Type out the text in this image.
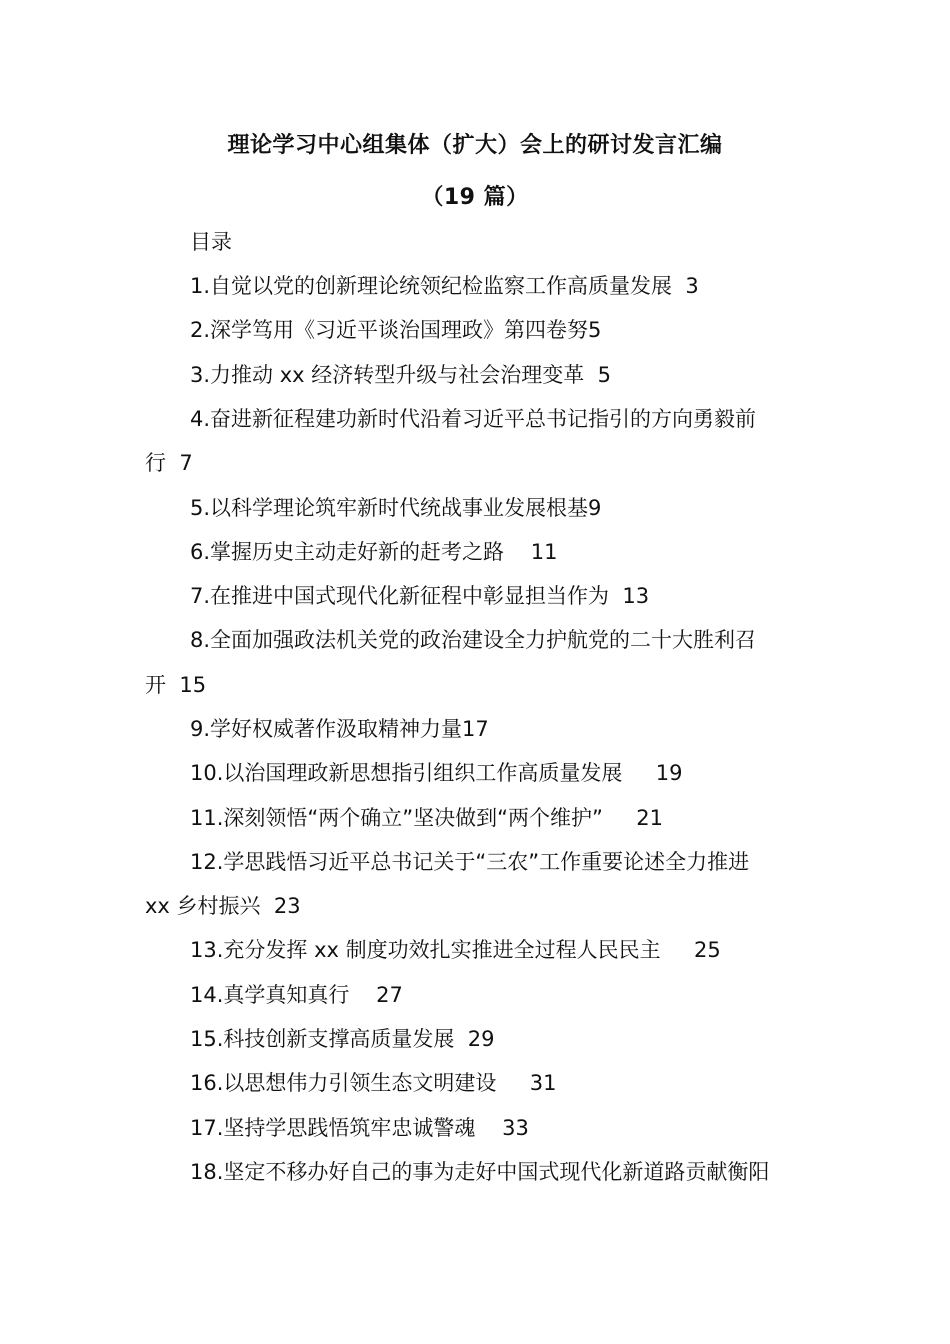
理论学习中心组集体（扩大）会上的研讨发言汇编
（19 篇）
目录
1.自觉以党的创新理论统领纪检监察工作高质量发展  3
2.深学笃用《习近平谈治国理政》第四卷努5
3.力推动 xx 经济转型升级与社会治理变革  5
4.奋进新征程建功新时代沿着习近平总书记指引的方向勇毅前
行  7
5.以科学理论筑牢新时代统战事业发展根基9
6.掌握历史主动走好新的赶考之路    11
7.在推进中国式现代化新征程中彰显担当作为  13
8.全面加强政法机关党的政治建设全力护航党的二十大胜利召
开  15
9.学好权威著作汲取精神力量17
10.以治国理政新思想指引组织工作高质量发展     19
11.深刻领悟“两个确立”坚决做到“两个维护”     21
12.学思践悟习近平总书记关于“三农”工作重要论述全力推进
xx 乡村振兴  23
13.充分发挥 xx 制度功效扎实推进全过程人民民主     25
14.真学真知真行    27
15.科技创新支撑高质量发展  29
16.以思想伟力引领生态文明建设     31
17.坚持学思践悟筑牢忠诚警魂    33
18.坚定不移办好自己的事为走好中国式现代化新道路贡献衡阳
